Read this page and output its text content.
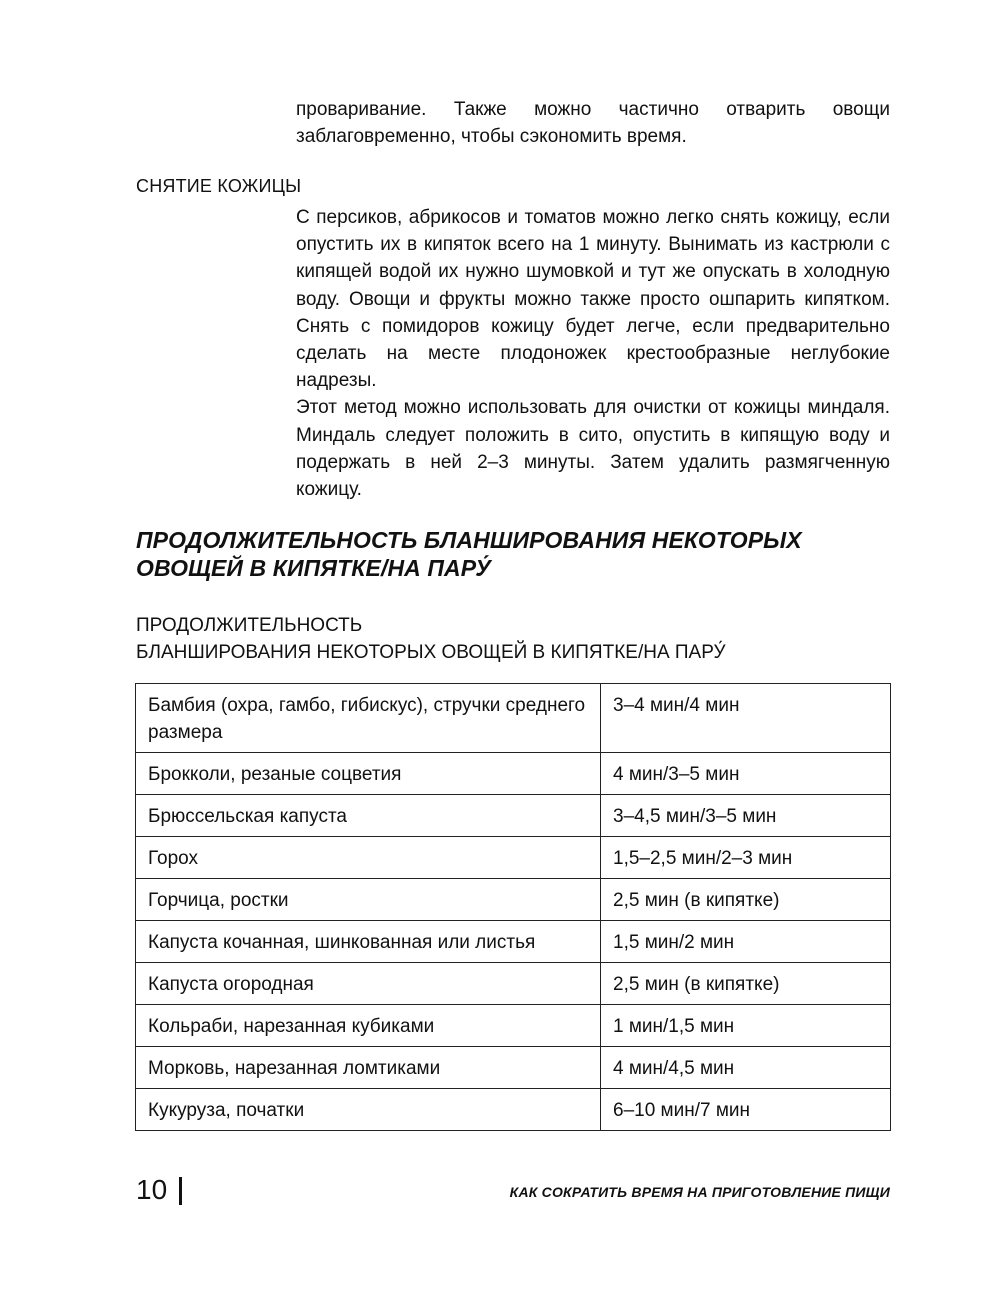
проваривание. Также можно частично отварить овощи заблаговременно, чтобы сэкономить время.

СНЯТИЕ КОЖИЦЫ

С персиков, абрикосов и томатов можно легко снять кожицу, если опустить их в кипяток всего на 1 минуту. Вынимать из кастрюли с кипящей водой их нужно шумовкой и тут же опускать в холодную воду. Овощи и фрукты можно также просто ошпарить кипятком. Снять с помидоров кожицу будет легче, если предварительно сделать на месте плодоножек крестообразные неглубокие надрезы.

Этот метод можно использовать для очистки от кожицы миндаля. Миндаль следует положить в сито, опустить в кипящую воду и подержать в ней 2–3 минуты. Затем удалить размягченную кожицу.

ПРОДОЛЖИТЕЛЬНОСТЬ БЛАНШИРОВАНИЯ НЕКОТОРЫХ ОВОЩЕЙ В КИПЯТКЕ/НА ПАРУ́
ПРОДОЛЖИТЕЛЬНОСТЬ
БЛАНШИРОВАНИЯ НЕКОТОРЫХ ОВОЩЕЙ В КИПЯТКЕ/НА ПАРУ́
Бамбия (охра, гамбо, гибискус), стручки среднего размера	3–4 мин/4 мин
Брокколи, резаные соцветия	4 мин/3–5 мин
Брюссельская капуста	3–4,5 мин/3–5 мин
Горох	1,5–2,5 мин/2–3 мин
Горчица, ростки	2,5 мин (в кипятке)
Капуста кочанная, шинкованная или листья	1,5 мин/2 мин
Капуста огородная	2,5 мин (в кипятке)
Кольраби, нарезанная кубиками	1 мин/1,5 мин
Морковь, нарезанная ломтиками	4 мин/4,5 мин
Кукуруза, початки	6–10 мин/7 мин
10	КАК СОКРАТИТЬ ВРЕМЯ НА ПРИГОТОВЛЕНИЕ ПИЩИ
